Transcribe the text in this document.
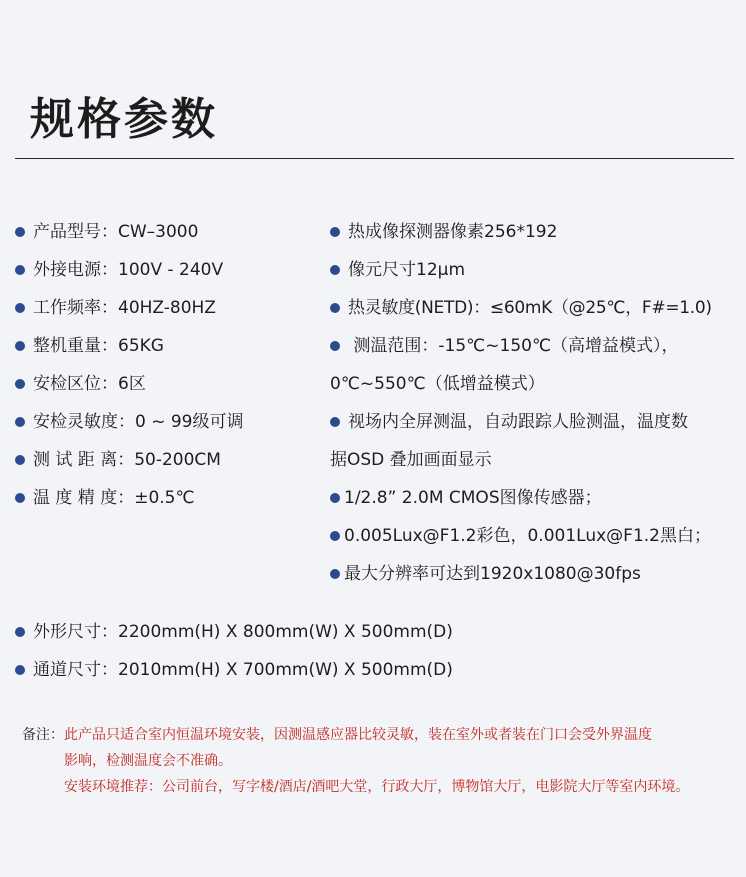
规格参数
产品型号：CW–3000
外接电源：100V - 240V
工作频率：40HZ-80HZ
整机重量：65KG
安检区位：6区
安检灵敏度：0 ~ 99级可调
测 试 距 离：50-200CM
温 度 精 度：±0.5℃
热成像探测器像素256*192
像元尺寸12μm
热灵敏度(NETD)：≤60mK（@25℃，F#=1.0)
测温范围：-15℃~150℃（高增益模式），
0℃~550℃（低增益模式）
视场内全屏测温，自动跟踪人脸测温，温度数
据OSD 叠加画面显示
1/2.8” 2.0M CMOS图像传感器；
0.005Lux@F1.2彩色，0.001Lux@F1.2黑白；
最大分辨率可达到1920x1080@30fps
外形尺寸：2200mm(H) X 800mm(W) X 500mm(D)
通道尺寸：2010mm(H) X 700mm(W) X 500mm(D)
备注：此产品只适合室内恒温环境安装，因测温感应器比较灵敏，装在室外或者装在门口会受外界温度
影响，检测温度会不准确。
安装环境推荐：公司前台，写字楼/酒店/酒吧大堂，行政大厅，博物馆大厅，电影院大厅等室内环境。
